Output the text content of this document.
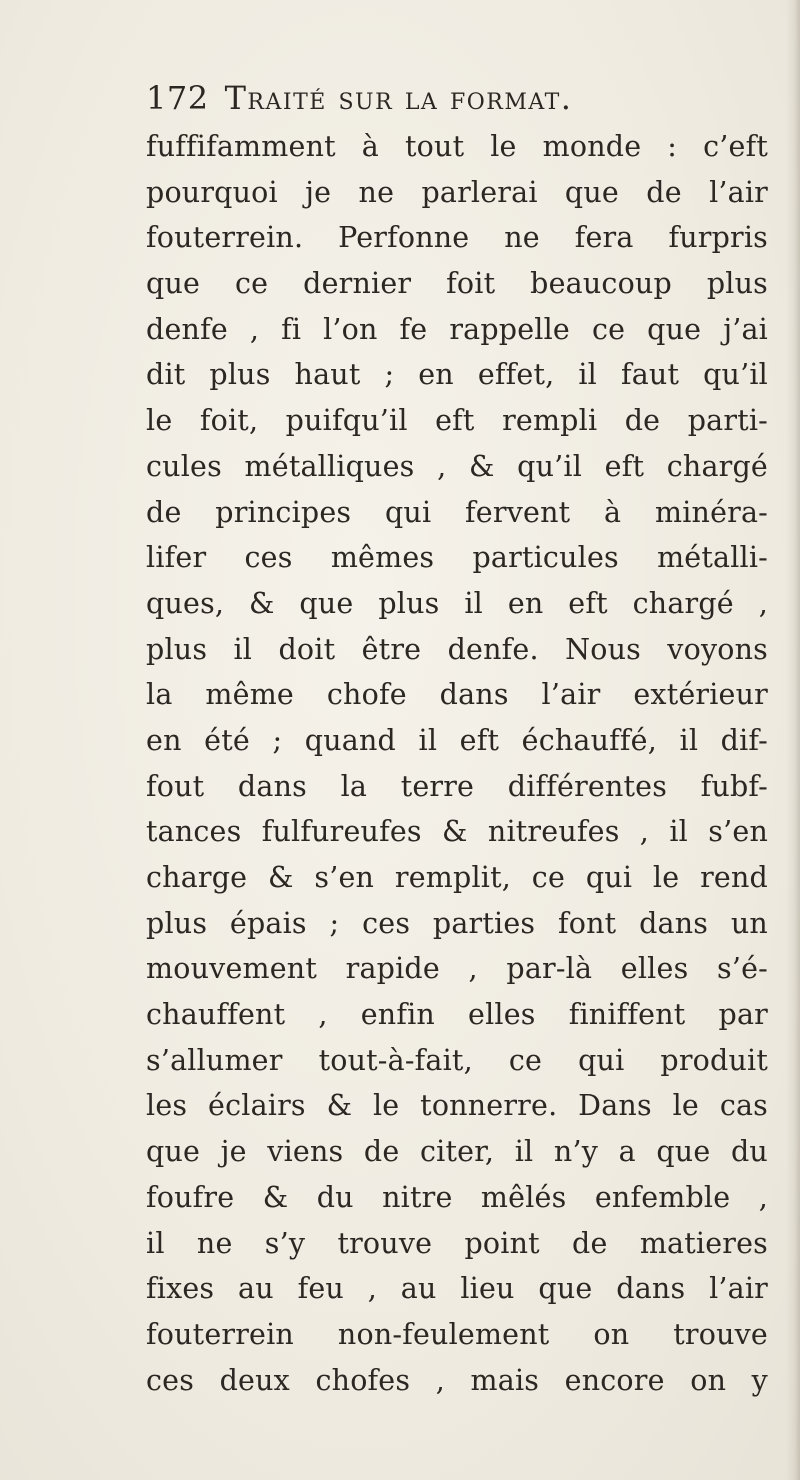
172 Traité sur la format.
fuffifamment à tout le monde : c’eft
pourquoi je ne parlerai que de l’air
fouterrein. Perfonne ne fera furpris
que ce dernier foit beaucoup plus
denfe , fi l’on fe rappelle ce que j’ai
dit plus haut ; en effet, il faut qu’il
le foit, puifqu’il eft rempli de parti-
cules métalliques , & qu’il eft chargé
de principes qui fervent à minéra-
lifer ces mêmes particules métalli-
ques, & que plus il en eft chargé ,
plus il doit être denfe. Nous voyons
la même chofe dans l’air extérieur
en été ; quand il eft échauffé, il dif-
fout dans la terre différentes fubf-
tances fulfureufes & nitreufes , il s’en
charge & s’en remplit, ce qui le rend
plus épais ; ces parties font dans un
mouvement rapide , par-là elles s’é-
chauffent , enfin elles finiffent par
s’allumer tout-à-fait, ce qui produit
les éclairs & le tonnerre. Dans le cas
que je viens de citer, il n’y a que du
foufre & du nitre mêlés enfemble ,
il ne s’y trouve point de matieres
fixes au feu , au lieu que dans l’air
fouterrein non-feulement on trouve
ces deux chofes , mais encore on y
